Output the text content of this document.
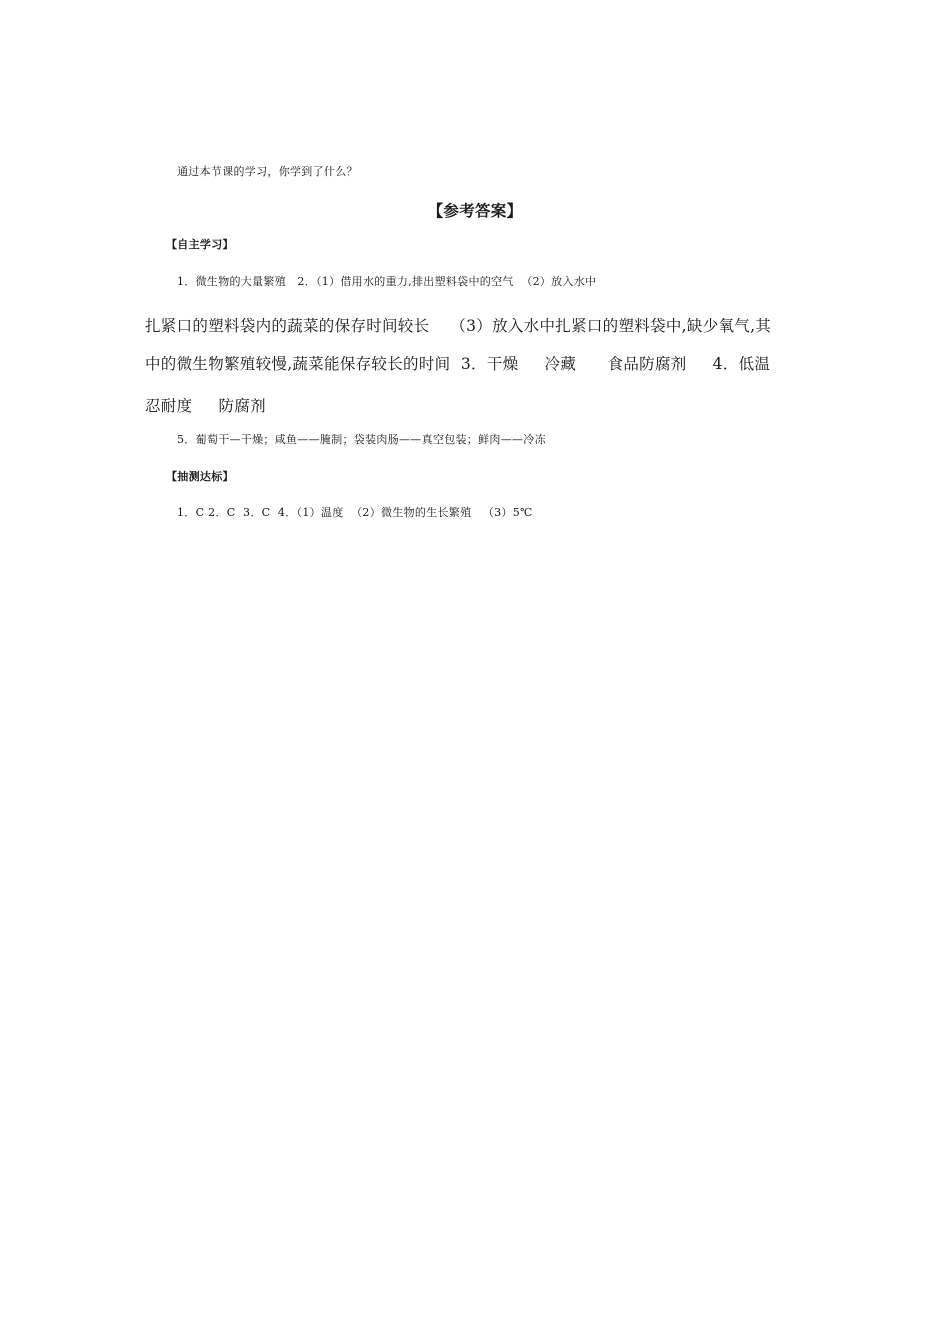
通过本节课的学习，你学到了什么？
【参考答案】
【自主学习】
1．微生物的大量繁殖   2．（1）借用水的重力,排出塑料袋中的空气  （2）放入水中
扎紧口的塑料袋内的蔬菜的保存时间较长    （3）放入水中扎紧口的塑料袋中,缺少氧气,其
中的微生物繁殖较慢,蔬菜能保存较长的时间  3．干燥     冷藏      食品防腐剂     4．低温
忍耐度     防腐剂
5．葡萄干—干燥；咸鱼——腌制；袋装肉肠——真空包装；鲜肉——冷冻
【抽测达标】
1．C 2．C  3．C  4．（1）温度  （2）微生物的生长繁殖   （3）5℃
